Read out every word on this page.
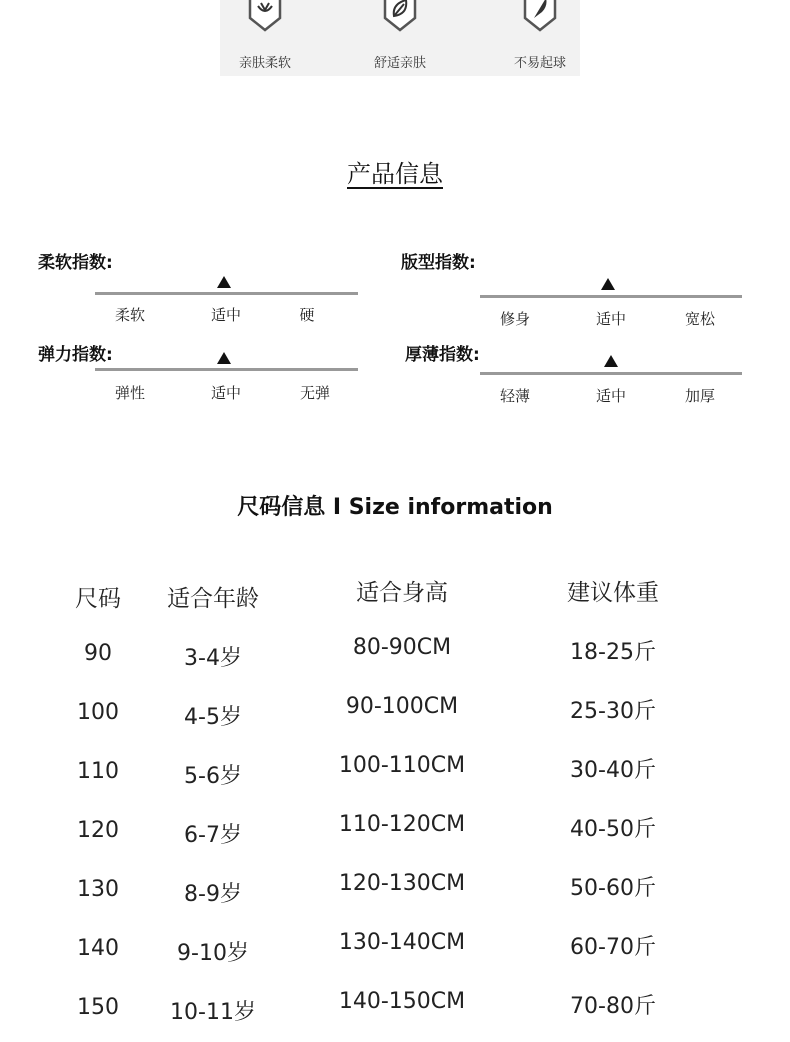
亲肤柔软	舒适亲肤	不易起球
产品信息
柔软指数:
柔软	适中	硬
版型指数:
修身	适中	宽松
弹力指数:
弹性	适中	无弹
厚薄指数:
轻薄	适中	加厚
尺码信息 I Size information
尺码	适合年龄	适合身高	建议体重
90	3-4岁	80-90CM	18-25斤
100	4-5岁	90-100CM	25-30斤
110	5-6岁	100-110CM	30-40斤
120	6-7岁	110-120CM	40-50斤
130	8-9岁	120-130CM	50-60斤
140	9-10岁	130-140CM	60-70斤
150	10-11岁	140-150CM	70-80斤
